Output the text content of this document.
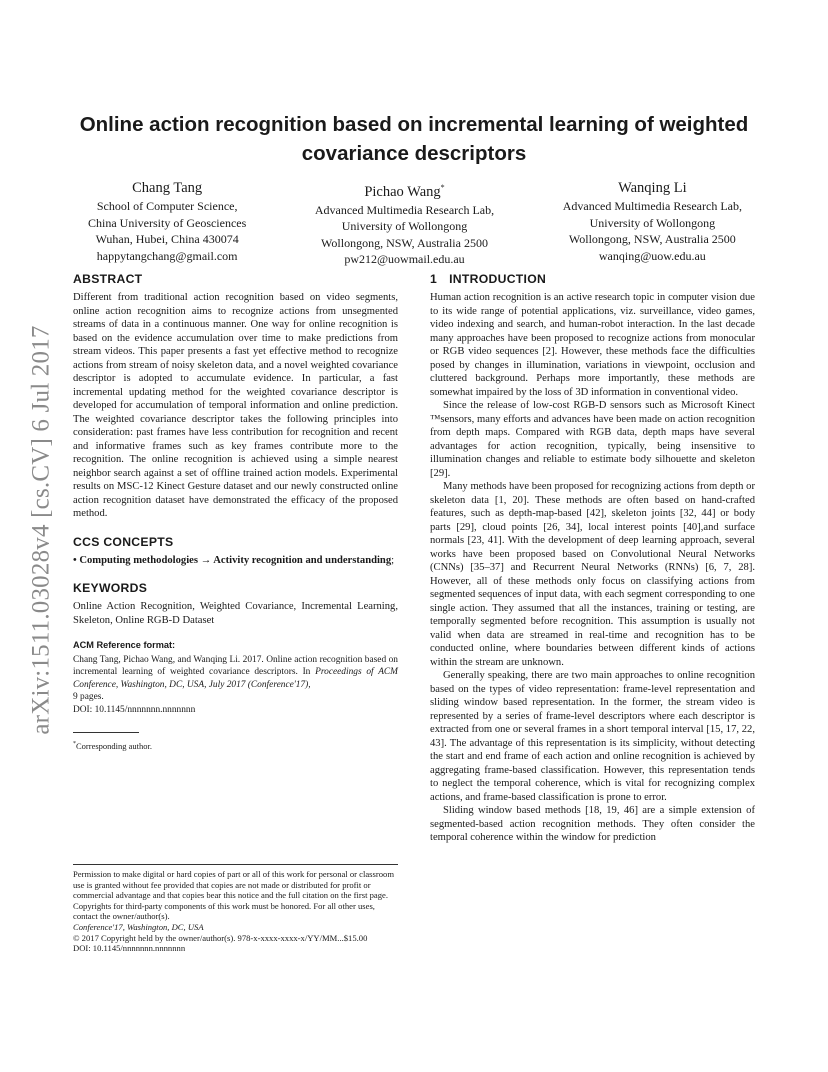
arXiv:1511.03028v4 [cs.CV] 6 Jul 2017
Online action recognition based on incremental learning of weighted covariance descriptors
Chang Tang
School of Computer Science,
China University of Geosciences
Wuhan, Hubei, China 430074
happytangchang@gmail.com
Pichao Wang*
Advanced Multimedia Research Lab,
University of Wollongong
Wollongong, NSW, Australia 2500
pw212@uowmail.edu.au
Wanqing Li
Advanced Multimedia Research Lab,
University of Wollongong
Wollongong, NSW, Australia 2500
wanqing@uow.edu.au
ABSTRACT

Different from traditional action recognition based on video segments, online action recognition aims to recognize actions from unsegmented streams of data in a continuous manner. One way for online recognition is based on the evidence accumulation over time to make predictions from stream videos. This paper presents a fast yet effective method to recognize actions from stream of noisy skeleton data, and a novel weighted covariance descriptor is adopted to accumulate evidence. In particular, a fast incremental updating method for the weighted covariance descriptor is developed for accumulation of temporal information and online prediction. The weighted covariance descriptor takes the following principles into consideration: past frames have less contribution for recognition and recent and informative frames such as key frames contribute more to the recognition. The online recognition is achieved using a simple nearest neighbor search against a set of offline trained action models. Experimental results on MSC-12 Kinect Gesture dataset and our newly constructed online action recognition dataset have demonstrated the efficacy of the proposed method.

CCS CONCEPTS

• Computing methodologies → Activity recognition and understanding;

KEYWORDS

Online Action Recognition, Weighted Covariance, Incremental Learning, Skeleton, Online RGB-D Dataset

ACM Reference format:

Chang Tang, Pichao Wang, and Wanqing Li. 2017. Online action recognition based on incremental learning of weighted covariance descriptors. In Proceedings of ACM Conference, Washington, DC, USA, July 2017 (Conference'17),

9 pages.
DOI: 10.1145/nnnnnnn.nnnnnnn
*Corresponding author.

Permission to make digital or hard copies of part or all of this work for personal or classroom use is granted without fee provided that copies are not made or distributed for profit or commercial advantage and that copies bear this notice and the full citation on the first page. Copyrights for third-party components of this work must be honored. For all other uses, contact the owner/author(s).

Conference'17, Washington, DC, USA
© 2017 Copyright held by the owner/author(s). 978-x-xxxx-xxxx-x/YY/MM...$15.00
DOI: 10.1145/nnnnnnn.nnnnnnn
1 INTRODUCTION

Human action recognition is an active research topic in computer vision due to its wide range of potential applications, viz. surveillance, video games, video indexing and search, and human-robot interaction. In the last decade many approaches have been proposed to recognize actions from monocular or RGB video sequences [2]. However, these methods face the difficulties posed by changes in illumination, variations in viewpoint, occlusion and cluttered background. Perhaps more importantly, these methods are somewhat impaired by the loss of 3D information in conventional video.

Since the release of low-cost RGB-D sensors such as Microsoft Kinect ™sensors, many efforts and advances have been made on action recognition from depth maps. Compared with RGB data, depth maps have several advantages for action recognition, typically, being insensitive to illumination changes and reliable to estimate body silhouette and skeleton [29].

Many methods have been proposed for recognizing actions from depth or skeleton data [1, 20]. These methods are often based on hand-crafted features, such as depth-map-based [42], skeleton joints [32, 44] or body parts [29], cloud points [26, 34], local interest points [40],and surface normals [23, 41]. With the development of deep learning approach, several works have been proposed based on Convolutional Neural Networks (CNNs) [35–37] and Recurrent Neural Networks (RNNs) [6, 7, 28]. However, all of these methods only focus on classifying actions from segmented sequences of input data, with each segment corresponding to one single action. They assumed that all the instances, training or testing, are temporally segmented before recognition. This assumption is usually not valid when data are streamed in real-time and recognition has to be conducted online, where boundaries between different kinds of actions within the stream are unknown.

Generally speaking, there are two main approaches to online recognition based on the types of video representation: frame-level representation and sliding window based representation. In the former, the stream video is represented by a series of frame-level descriptors where each descriptor is extracted from one or several frames in a short temporal interval [15, 17, 22, 43]. The advantage of this representation is its simplicity, without detecting the start and end frame of each action and online recognition is achieved by aggregating frame-based classification. However, this representation tends to neglect the temporal coherence, which is vital for recognizing complex actions, and frame-based classification is prone to error.

Sliding window based methods [18, 19, 46] are a simple extension of segmented-based action recognition methods. They often consider the temporal coherence within the window for prediction
